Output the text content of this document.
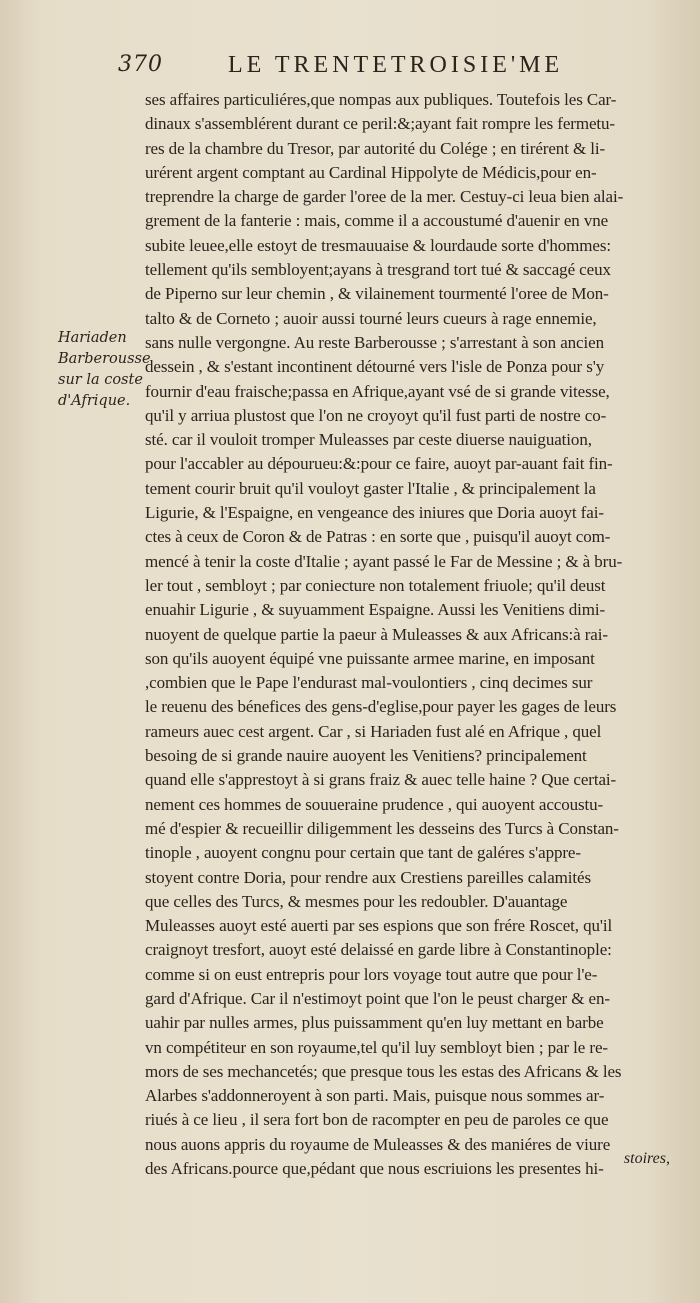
370	LE TRENTETROISIE'ME
Hariaden
Barberousse
sur la coste
d'Afrique.
ses affaires particuliéres,que nompas aux publiques. Toutefois les Car-
dinaux s'assemblérent durant ce peril:&;ayant fait rompre les fermetu-
res de la chambre du Tresor, par autorité du Colége ; en tirérent & li-
urérent argent comptant au Cardinal Hippolyte de Médicis,pour en-
treprendre la charge de garder l'oree de la mer. Cestuy-ci leua bien alai-
grement de la fanterie : mais, comme il a accoustumé d'auenir en vne
subite leuee,elle estoyt de tresmauuaise & lourdaude sorte d'hommes:
tellement qu'ils sembloyent;ayans à tresgrand tort tué & saccagé ceux
de Piperno sur leur chemin , & vilainement tourmenté l'oree de Mon-
talto & de Corneto ; auoir aussi tourné leurs cueurs à rage ennemie,
sans nulle vergongne. Au reste Barberousse ; s'arrestant à son ancien
dessein , & s'estant incontinent détourné vers l'isle de Ponza pour s'y
fournir d'eau fraische;passa en Afrique,ayant vsé de si grande vitesse,
qu'il y arriua plustost que l'on ne croyoyt qu'il fust parti de nostre co-
sté. car il vouloit tromper Muleasses par ceste diuerse nauiguation,
pour l'accabler au dépourueu:&:pour ce faire, auoyt par-auant fait fin-
tement courir bruit qu'il vouloyt gaster l'Italie , & principalement la
Ligurie, & l'Espaigne, en vengeance des iniures que Doria auoyt fai-
ctes à ceux de Coron & de Patras : en sorte que , puisqu'il auoyt com-
mencé à tenir la coste d'Italie ; ayant passé le Far de Messine ; & à bru-
ler tout , sembloyt ; par coniecture non totalement friuole; qu'il deust
enuahir Ligurie , & suyuamment Espaigne. Aussi les Venitiens dimi-
nuoyent de quelque partie la paeur à Muleasses & aux Africans:à rai-
son qu'ils auoyent équipé vne puissante armee marine, en imposant
,combien que le Pape l'endurast mal-voulontiers , cinq decimes sur
le reuenu des bénefices des gens-d'eglise,pour payer les gages de leurs
rameurs auec cest argent. Car , si Hariaden fust alé en Afrique , quel
besoing de si grande nauire auoyent les Venitiens? principalement
quand elle s'apprestoyt à si grans fraiz & auec telle haine ? Que certai-
nement ces hommes de souueraine prudence , qui auoyent accoustu-
mé d'espier & recueillir diligemment les desseins des Turcs à Constan-
tinople , auoyent congnu pour certain que tant de galéres s'appre-
stoyent contre Doria, pour rendre aux Crestiens pareilles calamités
que celles des Turcs, & mesmes pour les redoubler. D'auantage
Muleasses auoyt esté auerti par ses espions que son frére Roscet, qu'il
craignoyt tresfort, auoyt esté delaissé en garde libre à Constantinople:
comme si on eust entrepris pour lors voyage tout autre que pour l'e-
gard d'Afrique. Car il n'estimoyt point que l'on le peust charger & en-
uahir par nulles armes, plus puissamment qu'en luy mettant en barbe
vn compétiteur en son royaume,tel qu'il luy sembloyt bien ; par le re-
mors de ses mechancetés; que presque tous les estas des Africans & les
Alarbes s'addonneroyent à son parti. Mais, puisque nous sommes ar-
riués à ce lieu , il sera fort bon de racompter en peu de paroles ce que
nous auons appris du royaume de Muleasses & des maniéres de viure
des Africans.pource que,pédant que nous escriuions les presentes hi-
stoires,
